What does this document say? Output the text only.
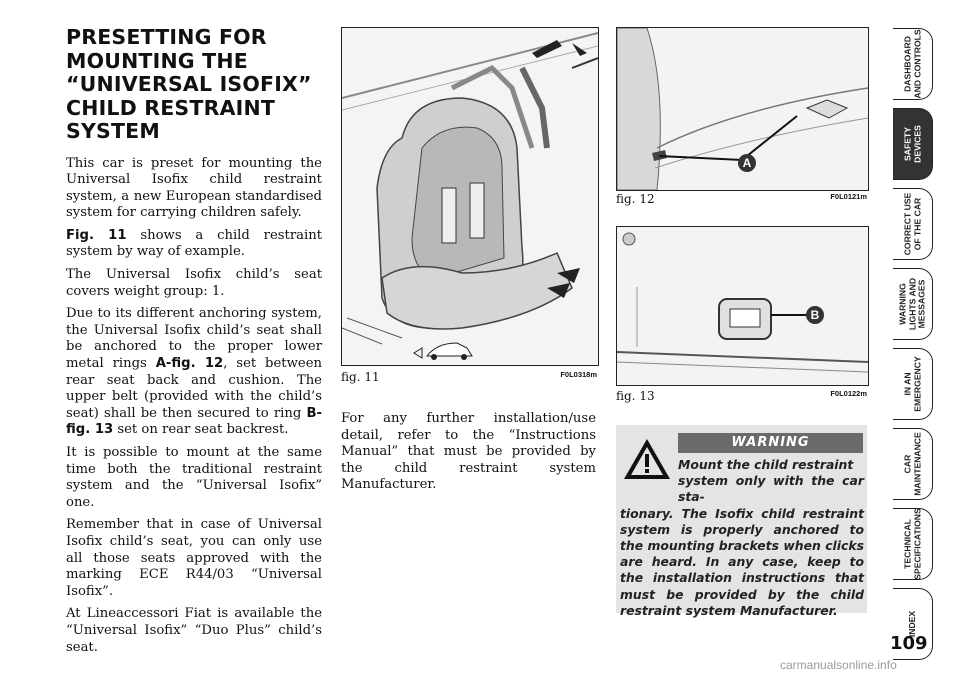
PRESETTING FOR MOUNTING THE “UNIVERSAL ISOFIX” CHILD RESTRAINT SYSTEM

This car is preset for mounting the Universal Isofix child restraint system, a new European standardised system for carrying children safely.

Fig. 11 shows a child restraint system by way of example.

The Universal Isofix child’s seat covers weight group: 1.

Due to its different anchoring system, the Universal Isofix child’s seat shall be anchored to the proper lower metal rings A-fig. 12, set between rear seat back and cushion. The upper belt (provided with the child’s seat) shall be then secured to ring B-fig. 13 set on rear seat backrest.

It is possible to mount at the same time both the traditional restraint system and the “Universal Isofix” one.

Remember that in case of Universal Isofix child’s seat, you can only use all those seats approved with the marking ECE R44/03 “Universal Isofix”.

At Lineaccessori Fiat is available the “Universal Isofix” “Duo Plus” child’s seat.

fig. 11	F0L0318m
A
fig. 12	F0L0121m
B
fig. 13	F0L0122m

For any further installation/use detail, refer to the “Instructions Manual” that must be provided by the child restraint system Manufacturer.

WARNING
Mount the child restraint
system only with the car sta-
tionary. The Isofix child restraint system is properly anchored to the mounting brackets when clicks are heard. In any case, keep to the installation instructions that must be provided by the child restraint system Manufacturer.
DASHBOARD
AND CONTROLS
SAFETY
DEVICES
CORRECT USE
OF THE CAR
WARNING
LIGHTS AND
MESSAGES
IN AN
EMERGENCY
CAR
MAINTENANCE
TECHNICAL
SPECIFICATIONS
INDEX
109
carmanualsonline.info
